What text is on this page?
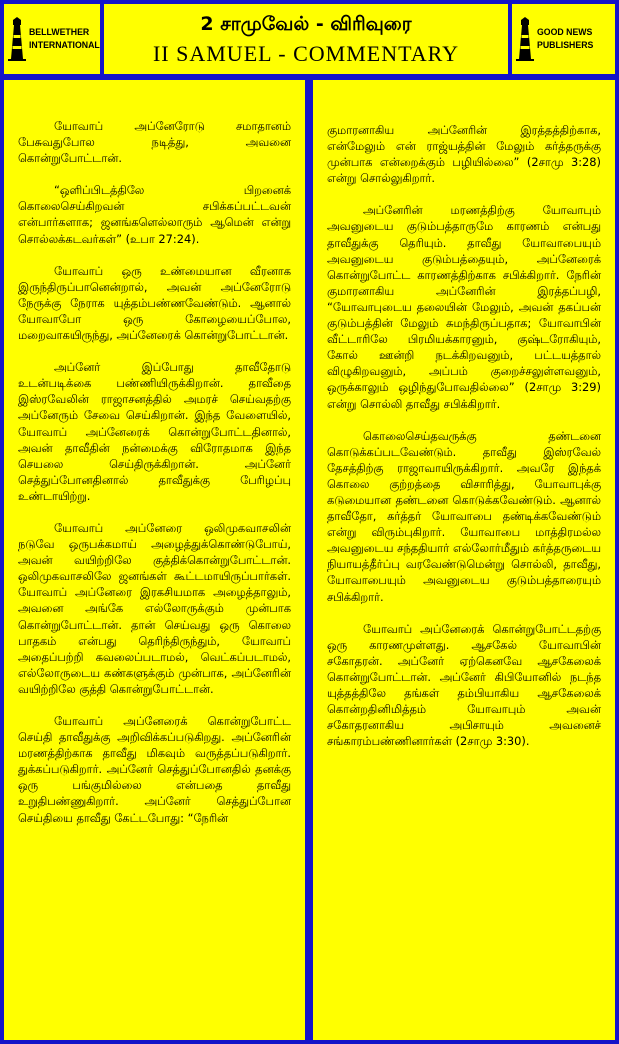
BELLWETHER
INTERNATIONAL
2 சாமுவேல் - விரிவுரை
II SAMUEL - COMMENTARY
GOOD NEWS
PUBLISHERS

யோவாப் அப்னேரோடு சமாதானம் பேசுவதுபோல நடித்து, அவனை கொன்றுபோட்டான்.

“ஒளிப்பிடத்திலே பிறனைக் கொலைசெய்கிறவன் சபிக்கப்பட்டவன் என்பார்களாக; ஜனங்களெல்லாரும் ஆமென் என்று சொல்லக்கடவர்கள்” (உபா 27:24).

யோவாப் ஒரு உண்மையான வீரனாக இருந்திருப்பானென்றால், அவன் அப்னேரோடு நேருக்கு நேராக யுத்தம்பண்ணவேண்டும். ஆனால் யோவாபோ ஒரு கோழையைப்போல, மறைவாகயிருந்து, அப்னேரைக் கொன்றுபோட்டான்.

அப்னேர் இப்போது தாவீதோடு உடன்படிக்கை பண்ணியிருக்கிறான். தாவீதை இஸ்ரவேலின் ராஜாசனத்தில் அமரச் செய்வதற்கு அப்னேரும் சேவை செய்கிறான். இந்த வேளையில், யோவாப் அப்னேரைக் கொன்றுபோட்டதினால், அவன் தாவீதின் நன்மைக்கு விரோதமாக இந்த செயலை செய்திருக்கிறான். அப்னேர் செத்துப்போனதினால் தாவீதுக்கு பேரிழப்பு உண்டாயிற்று.

யோவாப் அப்னேரை ஒலிமுகவாசலின் நடுவே ஒருபக்கமாய் அழைத்துக்கொண்டுபோய், அவன் வயிற்றிலே குத்திக்கொன்றுபோட்டான். ஒலிமுகவாசலிலே ஜனங்கள் கூட்டமாயிருப்பார்கள். யோவாப் அப்னேரை இரகசியமாக அழைத்தாலும், அவனை அங்கே எல்லோருக்கும் முன்பாக கொன்றுபோட்டான். தான் செய்வது ஒரு கொலை பாதகம் என்பது தெரிந்திருந்தும், யோவாப் அதைப்பற்றி கவலைப்படாமல், வெட்கப்படாமல், எல்லோருடைய கண்களுக்கும் முன்பாக, அப்னேரின் வயிற்றிலே குத்தி கொன்றுபோட்டான்.

யோவாப் அப்னேரைக் கொன்றுபோட்ட செய்தி தாவீதுக்கு அறிவிக்கப்படுகிறது. அப்னேரின் மரணத்திற்காக தாவீது மிகவும் வருத்தப்படுகிறார். துக்கப்படுகிறார். அப்னேர் செத்துப்போனதில் தனக்கு ஒரு பங்குமில்லை என்பதை தாவீது உறுதிபண்ணுகிறார். அப்னேர் செத்துப்போன செய்தியை தாவீது கேட்டபோது: “நேரின்

குமாரனாகிய அப்னேரின் இரத்தத்திற்காக, என்மேலும் என் ராஜ்யத்தின் மேலும் கர்த்தருக்கு முன்பாக என்றைக்கும் பழியில்லை” (2சாமு 3:28) என்று சொல்லுகிறார்.

அப்னேரின் மரணத்திற்கு யோவாபும் அவனுடைய குடும்பத்தாருமே காரணம் என்பது தாவீதுக்கு தெரியும். தாவீது யோவாபையும் அவனுடைய குடும்பத்தையும், அப்னேரைக் கொன்றுபோட்ட காரணத்திற்காக சபிக்கிறார். நேரின் குமாரனாகிய அப்னேரின் இரத்தப்பழி, “யோவாபுடைய தலையின் மேலும், அவன் தகப்பன் குடும்பத்தின் மேலும் சுமந்திருப்பதாக; யோவாபின் வீட்டாரிலே பிரமியக்காரனும், குஷ்டரோகியும், கோல் ஊன்றி நடக்கிறவனும், பட்டயத்தால் விழுகிறவனும், அப்பம் குறைச்சலுள்ளவனும், ஒருக்காலும் ஒழிந்துபோவதில்லை” (2சாமு 3:29) என்று சொல்லி தாவீது சபிக்கிறார்.

கொலைசெய்தவருக்கு தண்டனை கொடுக்கப்படவேண்டும். தாவீது இஸ்ரவேல் தேசத்திற்கு ராஜாவாயிருக்கிறார். அவரே இந்தக் கொலை குற்றத்தை விசாரித்து, யோவாபுக்கு கடுமையான தண்டனை கொடுக்கவேண்டும். ஆனால் தாவீதோ, கர்த்தர் யோவாபை தண்டிக்கவேண்டும் என்று விரும்புகிறார். யோவாபை மாத்திரமல்ல அவனுடைய சந்ததியார் எல்லோர்மீதும் கர்த்தருடைய நியாயத்தீர்ப்பு வரவேண்டுமென்று சொல்லி, தாவீது, யோவாபையும் அவனுடைய குடும்பத்தாரையும் சபிக்கிறார்.

யோவாப் அப்னேரைக் கொன்றுபோட்டதற்கு ஒரு காரணமுள்ளது. ஆசகேல் யோவாபின் சகோதரன். அப்னேர் ஏற்கெனவே ஆசகேலைக் கொன்றுபோட்டான். அப்னேர் கிபியோனில் நடந்த யுத்தத்திலே தங்கள் தம்பியாகிய ஆசகேலைக் கொன்றதினிமித்தம் யோவாபும் அவன் சகோதரனாகிய அபிசாயும் அவனைச் சங்காரம்பண்ணினார்கள் (2சாமு 3:30).
